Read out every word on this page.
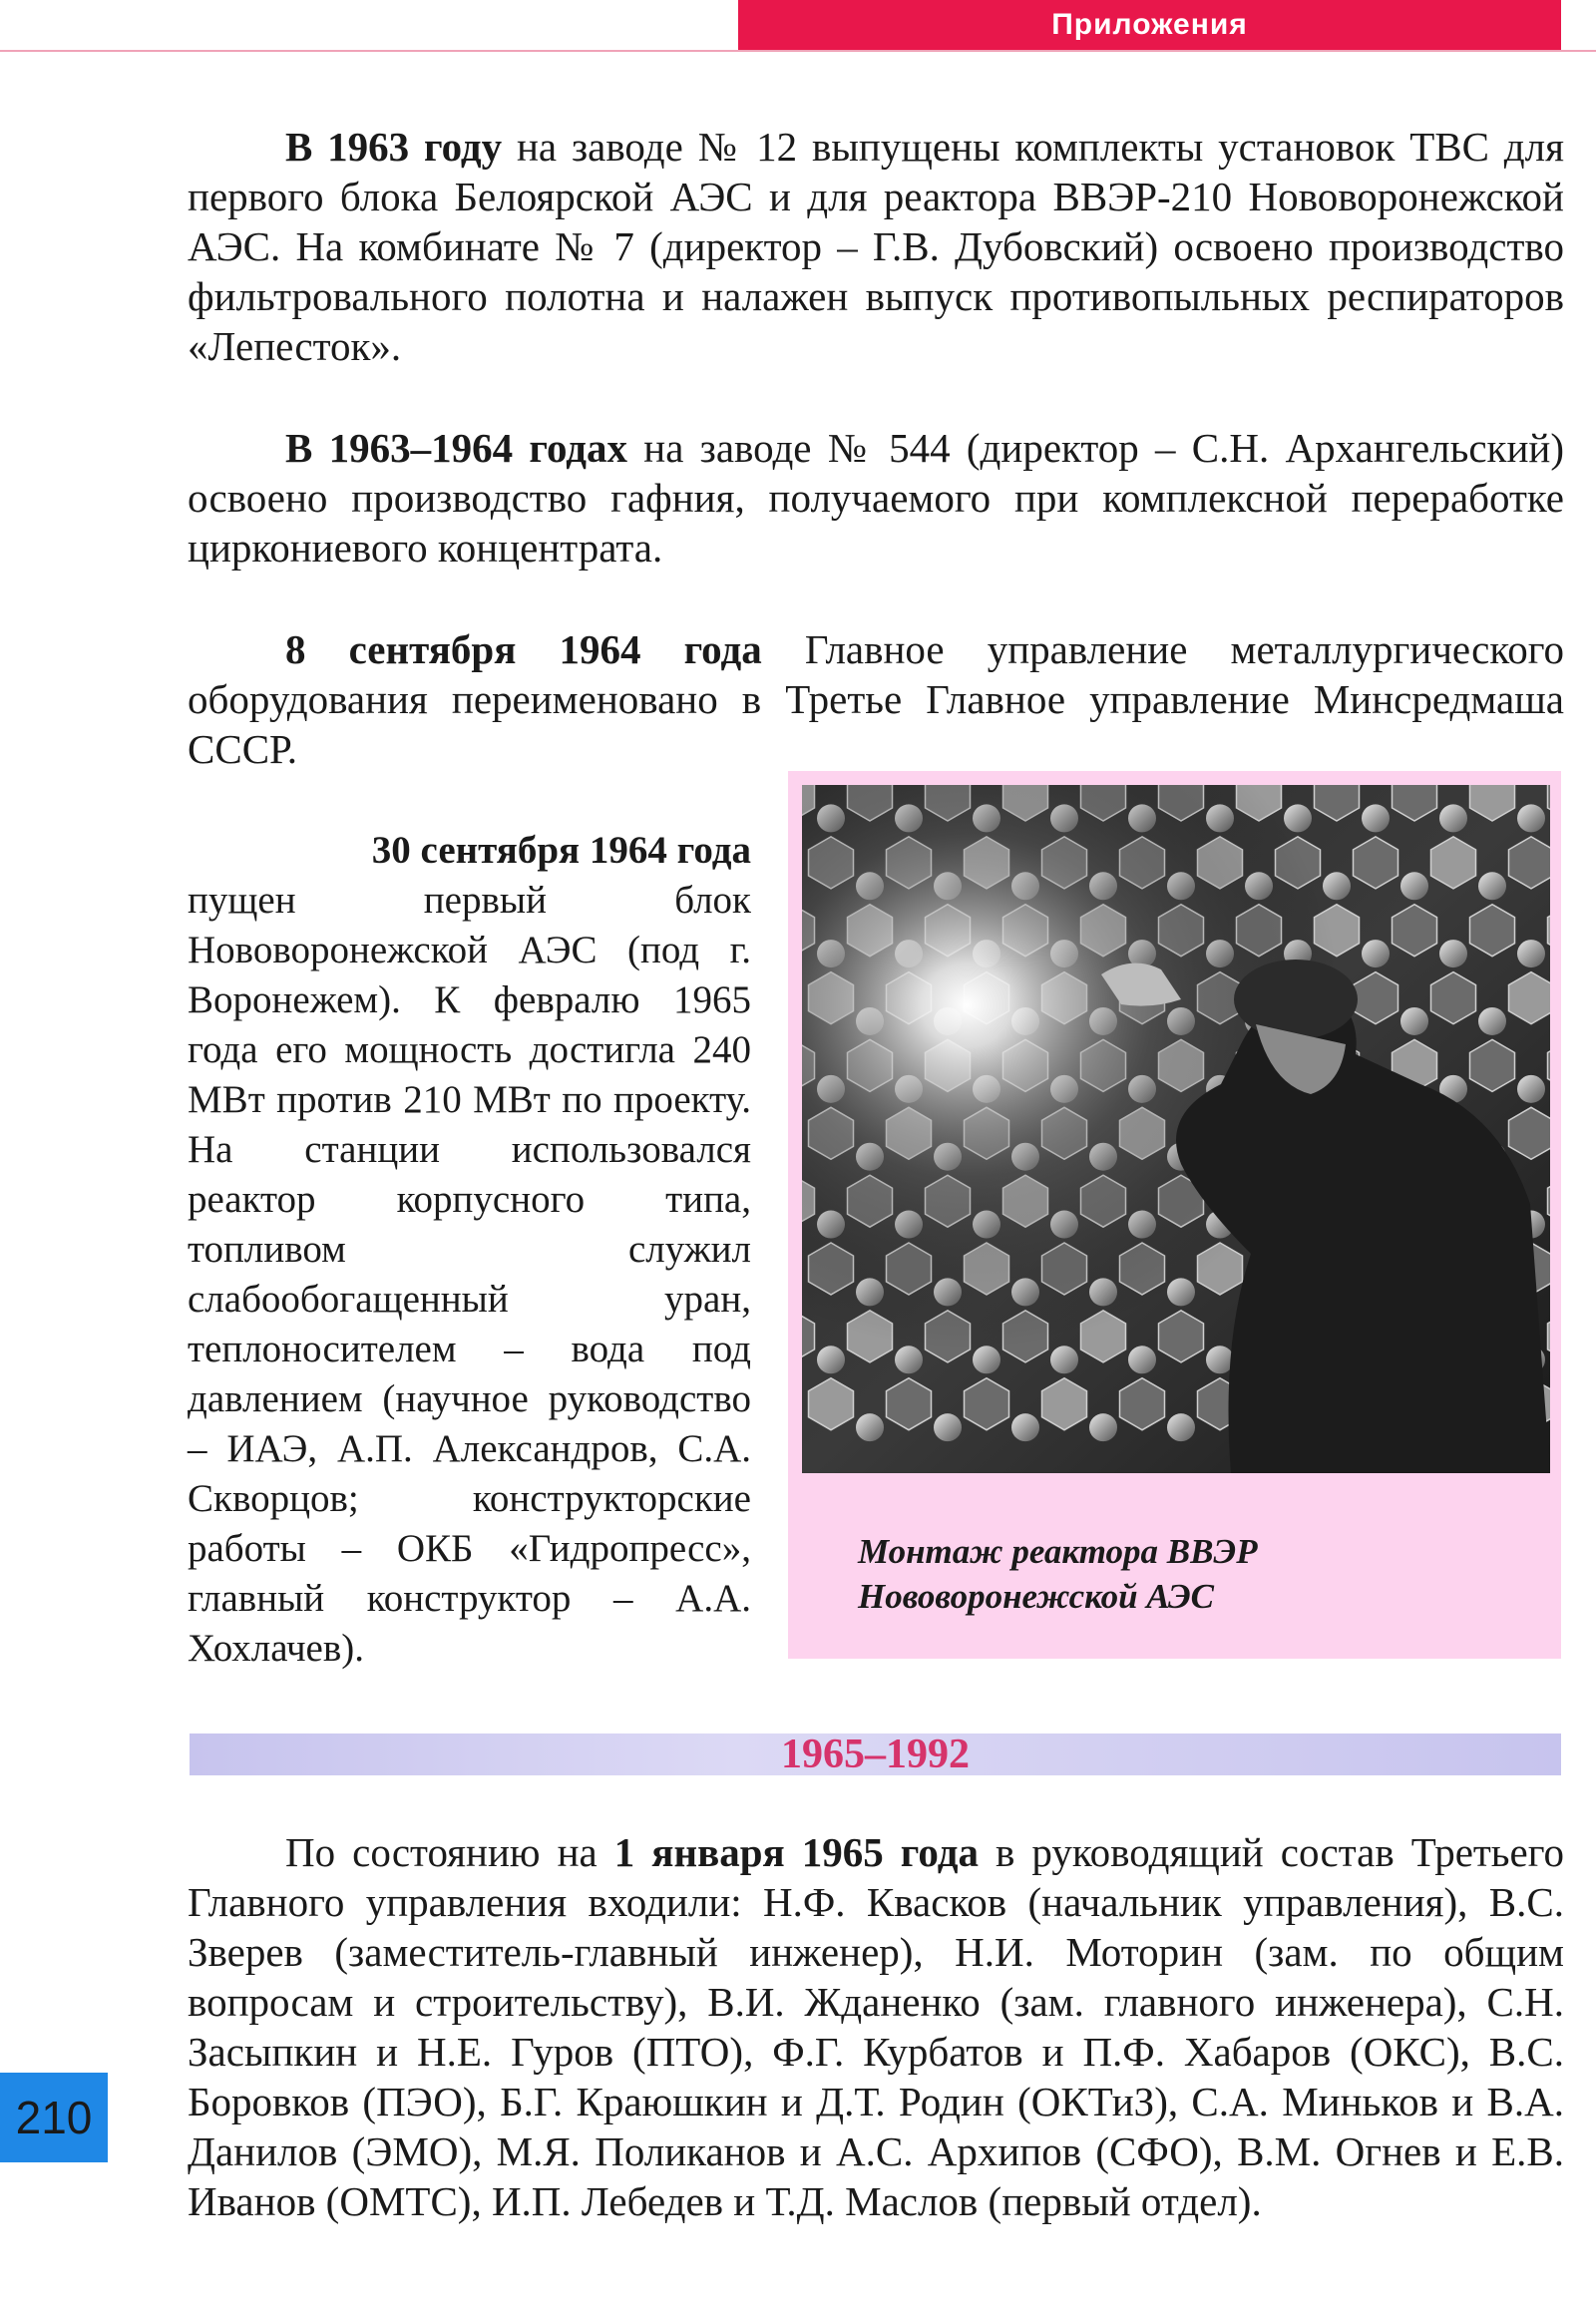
Приложения

В 1963 году на заводе № 12 выпущены комплекты установок ТВС для первого блока Белоярской АЭС и для реактора ВВЭР-210 Нововоронежской АЭС. На комбинате № 7 (директор – Г.В. Дубовский) освоено производство фильтровального полотна и налажен выпуск противопыльных респираторов «Лепесток».

В 1963–1964 годах на заводе № 544 (директор – С.Н. Архангельский) освоено производство гафния, получаемого при комплексной переработке циркониевого концентрата.

8 сентября 1964 года Главное управление металлургического оборудования переименовано в Третье Главное управление Минсредмаша СССР.

30 сентября 1964 года
пущен первый блок Нововоронежской АЭС (под г. Воронежем). К февралю 1965 года его мощность достигла 240 МВт против 210 МВт по проекту. На станции использовался реактор корпусного типа, топливом служил слабообогащенный уран, теплоносителем – вода под давлением (научное руководство – ИАЭ, А.П. Александров, С.А. Скворцов; конструкторские работы – ОКБ «Гидропресс», главный конструктор – А.А. Хохлачев).

Монтаж реактора ВВЭР Нововоронежской АЭС
1965–1992

По состоянию на 1 января 1965 года в руководящий состав Третьего Главного управления входили: Н.Ф. Квасков (начальник управления), В.С. Зверев (заместитель-главный инженер), Н.И. Моторин (зам. по общим вопросам и строительству), В.И. Жданенко (зам. главного инженера), С.Н. Засыпкин и Н.Е. Гуров (ПТО), Ф.Г. Курбатов и П.Ф. Хабаров (ОКС), В.С. Боровков (ПЭО), Б.Г. Краюшкин и Д.Т. Родин (ОКТиЗ), С.А. Миньков и В.А. Данилов (ЭМО), М.Я. Поликанов и А.С. Архипов (СФО), В.М. Огнев и Е.В. Иванов (ОМТС), И.П. Лебедев и Т.Д. Маслов (первый отдел).

210
